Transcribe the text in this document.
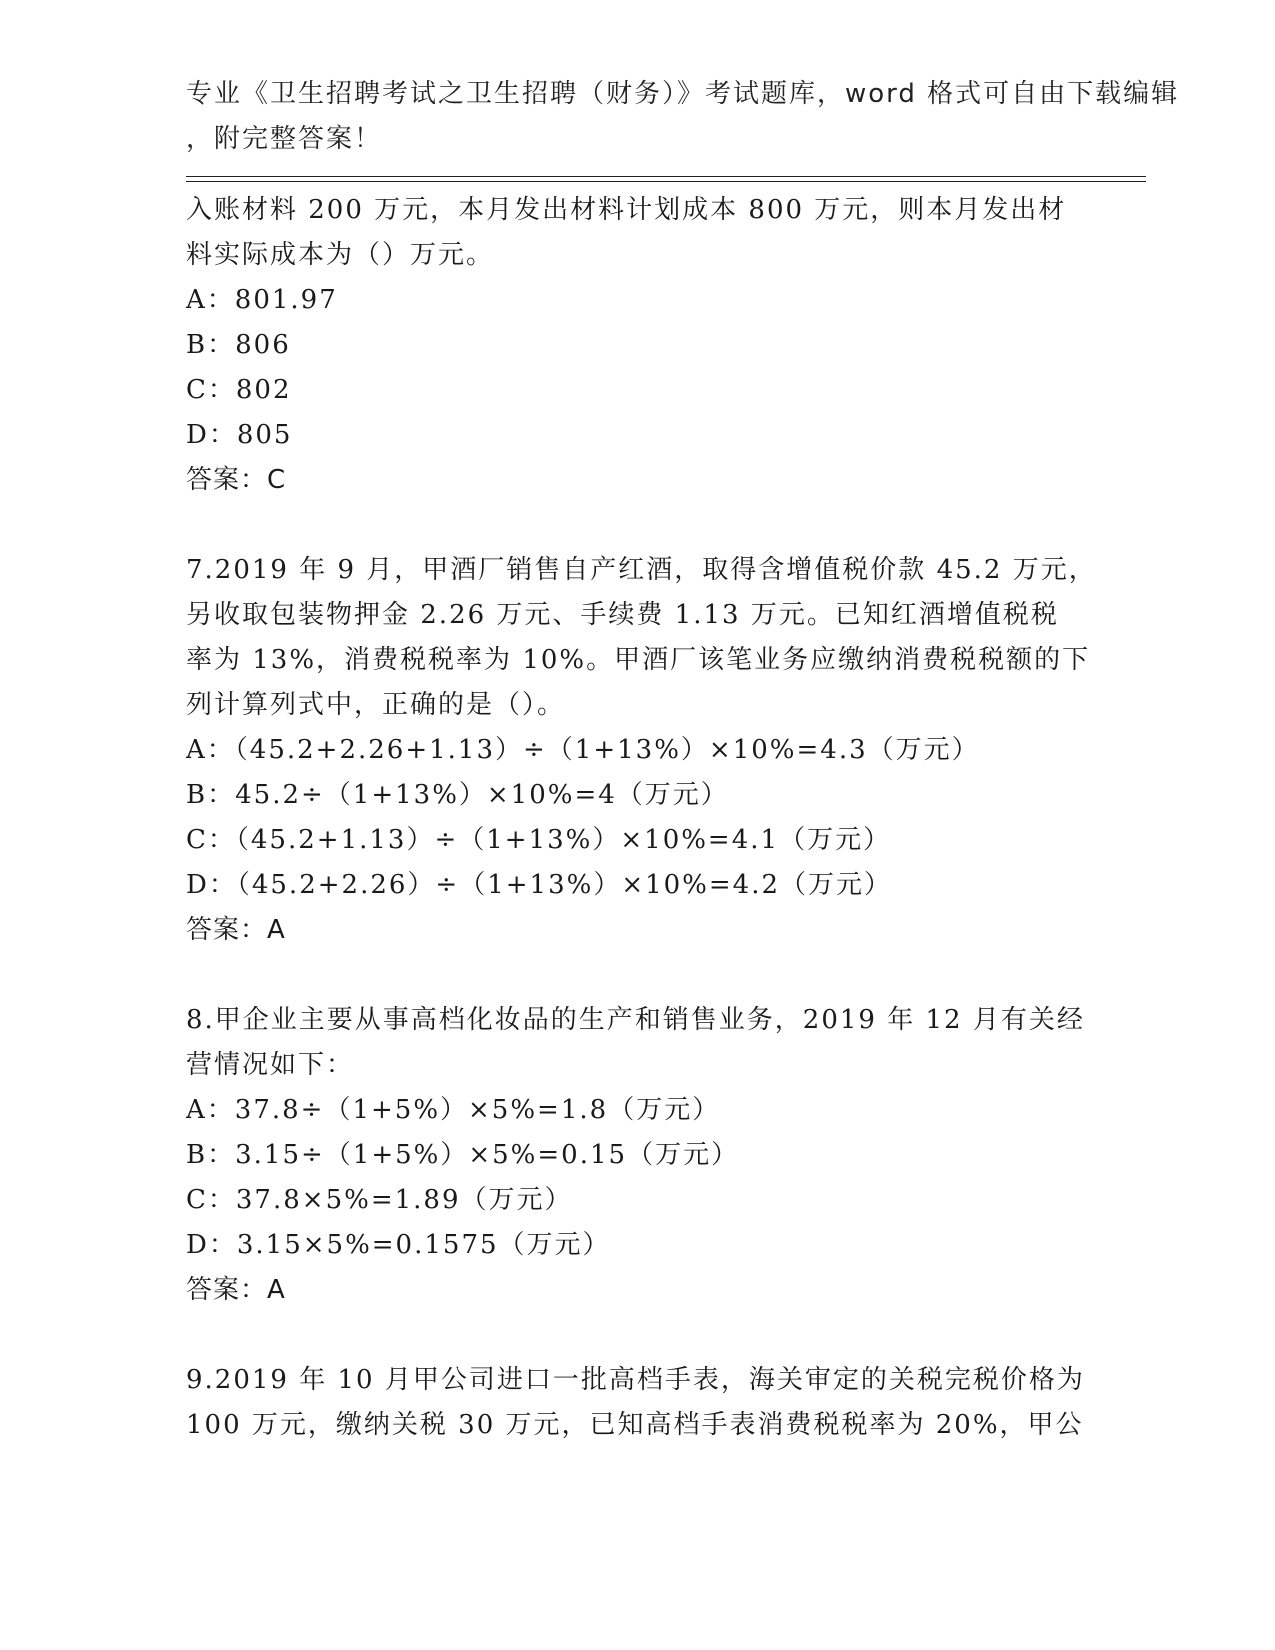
专业《卫生招聘考试之卫生招聘（财务）》考试题库，word 格式可自由下载编辑
，附完整答案！
入账材料 200 万元，本月发出材料计划成本 800 万元，则本月发出材
料实际成本为（）万元。
A：801.97
B：806
C：802
D：805
答案：C
7.2019 年 9 月，甲酒厂销售自产红酒，取得含增值税价款 45.2 万元，
另收取包装物押金 2.26 万元、手续费 1.13 万元。已知红酒增值税税
率为 13%，消费税税率为 10%。甲酒厂该笔业务应缴纳消费税税额的下
列计算列式中，正确的是（）。
A：（45.2+2.26+1.13）÷（1+13%）×10%=4.3（万元）
B：45.2÷（1+13%）×10%=4（万元）
C：（45.2+1.13）÷（1+13%）×10%=4.1（万元）
D：（45.2+2.26）÷（1+13%）×10%=4.2（万元）
答案：A
8.甲企业主要从事高档化妆品的生产和销售业务，2019 年 12 月有关经
营情况如下：
A：37.8÷（1+5%）×5%=1.8（万元）
B：3.15÷（1+5%）×5%=0.15（万元）
C：37.8×5%=1.89（万元）
D：3.15×5%=0.1575（万元）
答案：A
9.2019 年 10 月甲公司进口一批高档手表，海关审定的关税完税价格为
100 万元，缴纳关税 30 万元，已知高档手表消费税税率为 20%，甲公
